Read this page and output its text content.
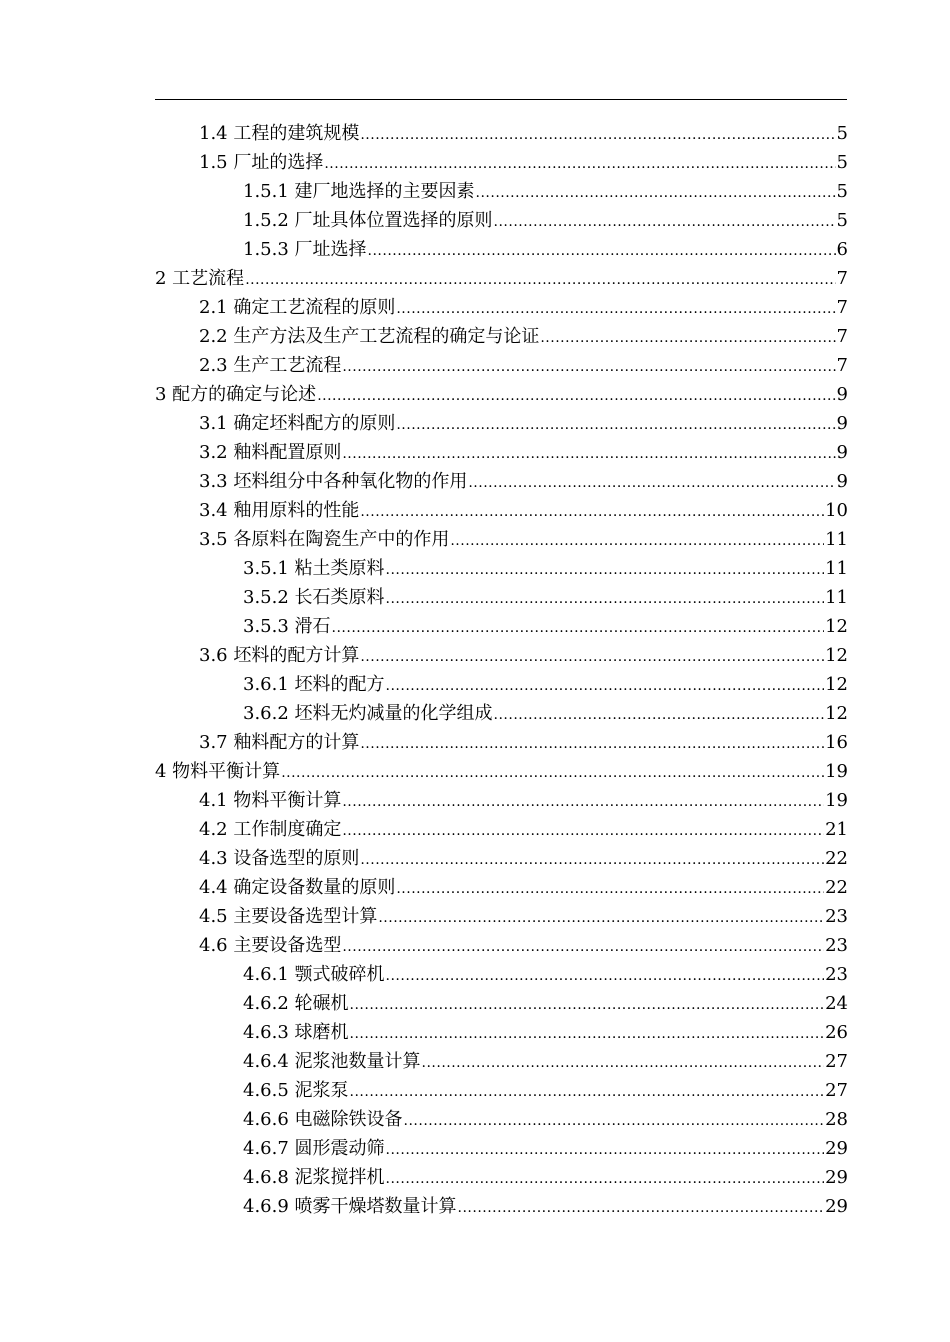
1.4 工程的建筑规模 .....	5
1.5 厂址的选择 .....	5
1.5.1 建厂地选择的主要因素 .....	5
1.5.2 厂址具体位置选择的原则 .....	5
1.5.3 厂址选择 .....	6
2 工艺流程 .....	7
2.1 确定工艺流程的原则 .....	7
2.2 生产方法及生产工艺流程的确定与论证 .....	7
2.3 生产工艺流程 .....	7
3 配方的确定与论述 .....	9
3.1 确定坯料配方的原则 .....	9
3.2 釉料配置原则 .....	9
3.3 坯料组分中各种氧化物的作用 .....	9
3.4 釉用原料的性能 .....	10
3.5 各原料在陶瓷生产中的作用 .....	11
3.5.1 粘土类原料 .....	11
3.5.2 长石类原料 .....	11
3.5.3 滑石 .....	12
3.6 坯料的配方计算 .....	12
3.6.1 坯料的配方 .....	12
3.6.2 坯料无灼减量的化学组成 .....	12
3.7 釉料配方的计算 .....	16
4 物料平衡计算 .....	19
4.1 物料平衡计算 .....	19
4.2 工作制度确定 .....	21
4.3 设备选型的原则 .....	22
4.4 确定设备数量的原则 .....	22
4.5 主要设备选型计算 .....	23
4.6 主要设备选型 .....	23
4.6.1 颚式破碎机 .....	23
4.6.2 轮碾机 .....	24
4.6.3 球磨机 .....	26
4.6.4 泥浆池数量计算 .....	27
4.6.5 泥浆泵 .....	27
4.6.6 电磁除铁设备 .....	28
4.6.7 圆形震动筛 .....	29
4.6.8 泥浆搅拌机 .....	29
4.6.9 喷雾干燥塔数量计算 .....	29
